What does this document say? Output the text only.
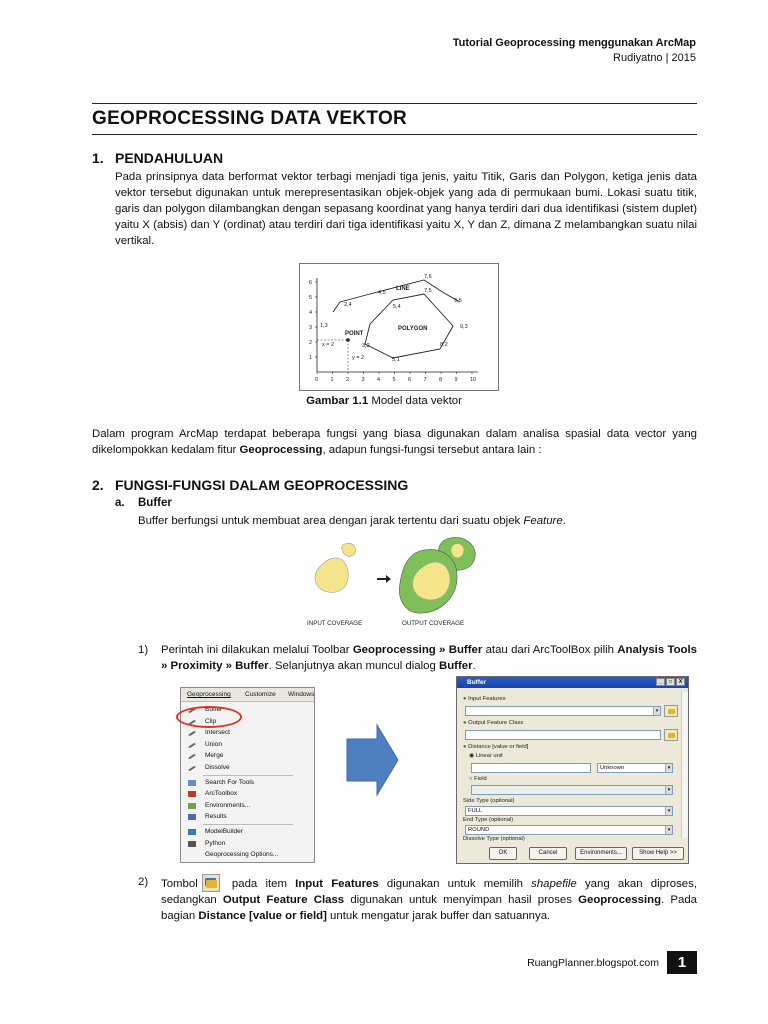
Tutorial Geoprocessing menggunakan ArcMap
Rudiyatno | 2015
GEOPROCESSING DATA VEKTOR
1. PENDAHULUAN
Pada prinsipnya data berformat vektor terbagi menjadi tiga jenis, yaitu Titik, Garis dan Polygon, ketiga jenis data vektor tersebut digunakan untuk merepresentasikan objek-objek yang ada di permukaan bumi. Lokasi suatu titik, garis dan polygon dilambangkan dengan sepasang koordinat yang hanya terdiri dari dua identifikasi (sistem duplet) yaitu X (absis) dan Y (ordinat) atau terdiri dari tiga identifikasi yaitu X, Y dan Z, dimana Z melambangkan suatu nilai vertikal.
0 1 2 3 4 5 6 7 8 9 10
1
2
3
4
5
6
LINE
POLYGON
POINT
x = 2
y = 2
2,4
4,5
7,6
7,5
9,5
5,4
9,3
1,3
3,2	8,2
5,1
Gambar 1.1 Model data vektor
Dalam program ArcMap terdapat beberapa fungsi yang biasa digunakan dalam analisa spasial data vector yang dikelompokkan kedalam fitur Geoprocessing, adapun fungsi-fungsi tersebut antara lain :
2. FUNGSI-FUNGSI DALAM GEOPROCESSING
a. Buffer
Buffer berfungsi untuk membuat area dengan jarak tertentu dari suatu objek Feature.
INPUT COVERAGE	OUTPUT COVERAGE
1) Perintah ini dilakukan melalui Toolbar Geoprocessing » Buffer atau dari ArcToolBox pilih Analysis Tools » Proximity » Buffer. Selanjutnya akan muncul dialog Buffer.
Geoprocessing Customize Windows
Buffer
Clip
Intersect
Union
Merge
Dissolve
Search For Tools
ArcToolbox
Environments...
Results
ModelBuilder
Python
Geoprocessing Options...
Buffer	_	□	X
● Input Features
▾
● Output Feature Class
● Distance [value or field]
◉ Linear unit
Unknown	▾
○ Field
▾
Side Type (optional)
FULL	▾
End Type (optional)
ROUND	▾
Dissolve Type (optional)
OK	Cancel	Environments...	Show Help >>
2) Tombol pada item Input Features digunakan untuk memilih shapefile yang akan diproses, sedangkan Output Feature Class digunakan untuk menyimpan hasil proses Geoprocessing. Pada bagian Distance [value or field] untuk mengatur jarak buffer dan satuannya.
RuangPlanner.blogspot.com	1
